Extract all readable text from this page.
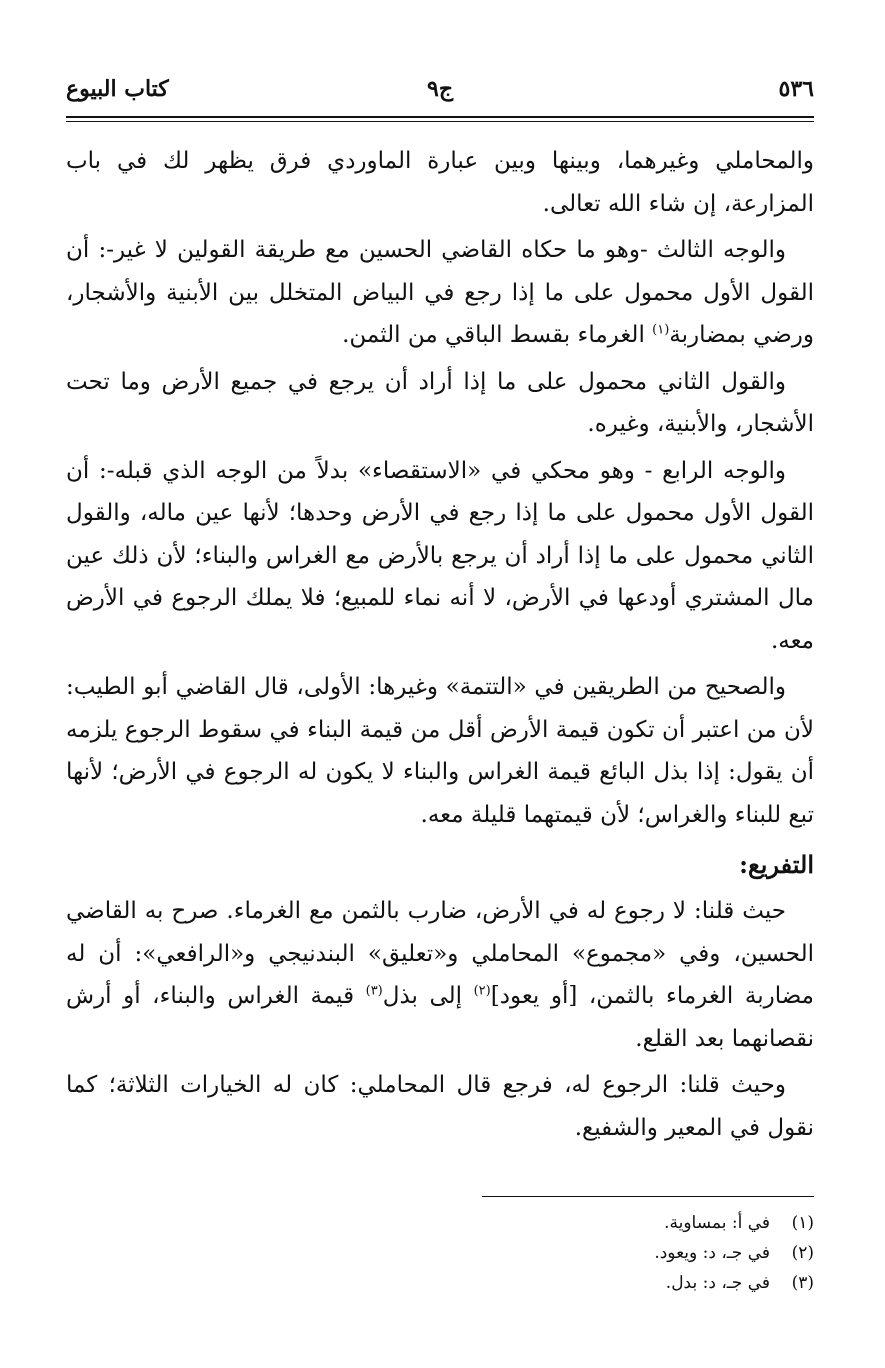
٥٣٦
ج٩
كتاب البيوع

والمحاملي وغيرهما، وبينها وبين عبارة الماوردي فرق يظهر لك في باب المزارعة، إن شاء الله تعالى.

والوجه الثالث -وهو ما حكاه القاضي الحسين مع طريقة القولين لا غير-: أن القول الأول محمول على ما إذا رجع في البياض المتخلل بين الأبنية والأشجار، ورضي بمضاربة$^{(١)}$ الغرماء بقسط الباقي من الثمن.

والقول الثاني محمول على ما إذا أراد أن يرجع في جميع الأرض وما تحت الأشجار، والأبنية، وغيره.

والوجه الرابع - وهو محكي في «الاستقصاء» بدلاً من الوجه الذي قبله-: أن القول الأول محمول على ما إذا رجع في الأرض وحدها؛ لأنها عين ماله، والقول الثاني محمول على ما إذا أراد أن يرجع بالأرض مع الغراس والبناء؛ لأن ذلك عين مال المشتري أودعها في الأرض، لا أنه نماء للمبيع؛ فلا يملك الرجوع في الأرض معه.

والصحيح من الطريقين في «التتمة» وغيرها: الأولى، قال القاضي أبو الطيب: لأن من اعتبر أن تكون قيمة الأرض أقل من قيمة البناء في سقوط الرجوع يلزمه أن يقول: إذا بذل البائع قيمة الغراس والبناء لا يكون له الرجوع في الأرض؛ لأنها تبع للبناء والغراس؛ لأن قيمتهما قليلة معه.

التفريع:

حيث قلنا: لا رجوع له في الأرض، ضارب بالثمن مع الغرماء. صرح به القاضي الحسين، وفي «مجموع» المحاملي و«تعليق» البندنيجي و«الرافعي»: أن له مضاربة الغرماء بالثمن، [أو يعود]$^{(٢)}$ إلى بذل$^{(٣)}$ قيمة الغراس والبناء، أو أرش نقصانهما بعد القلع.

وحيث قلنا: الرجوع له، فرجع قال المحاملي: كان له الخيارات الثلاثة؛ كما نقول في المعير والشفيع.

(١)
في أ: بمساوية.
(٢)
في جـ، د: ويعود.
(٣)
في جـ، د: بدل.
